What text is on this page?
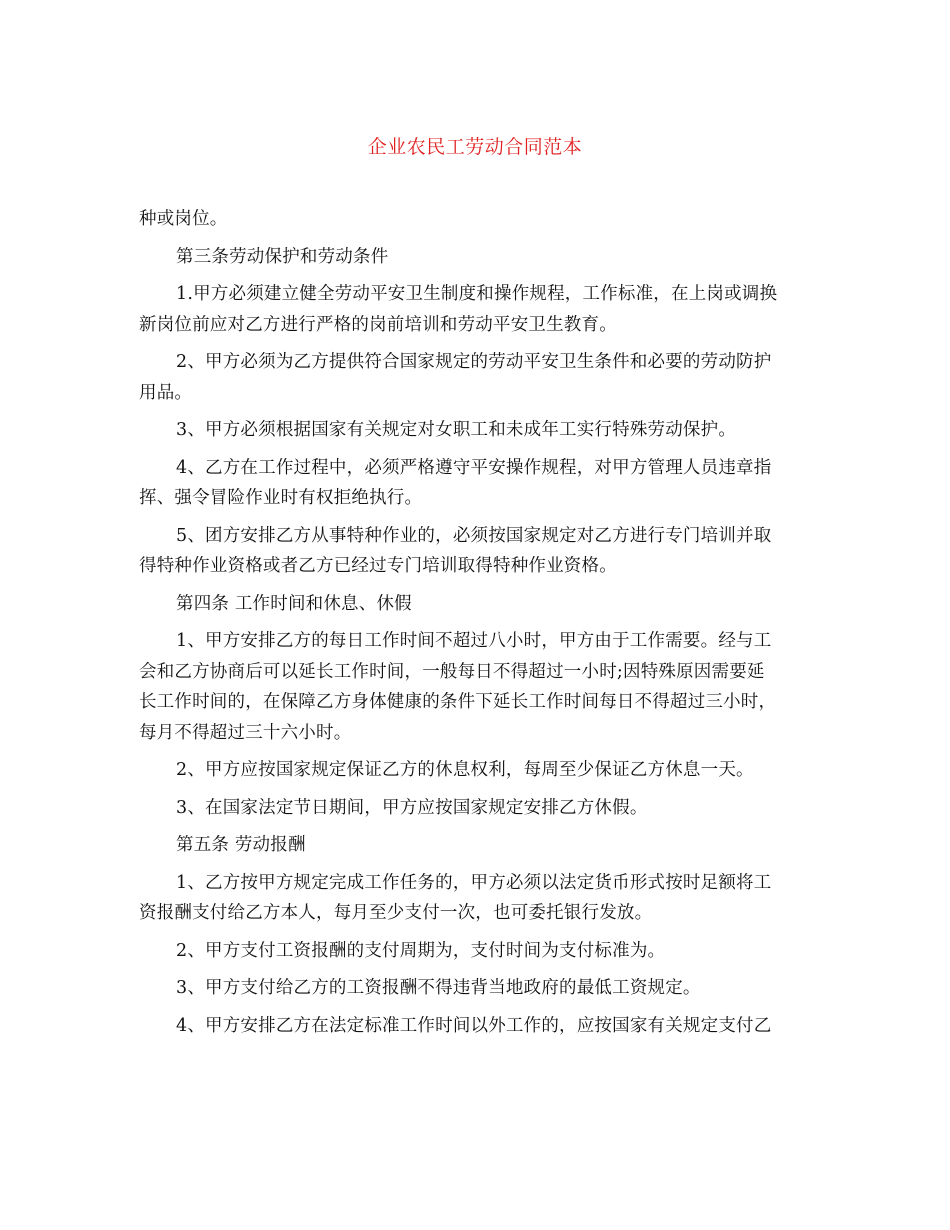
企业农民工劳动合同范本
种或岗位。
第三条劳动保护和劳动条件
1.甲方必须建立健全劳动平安卫生制度和操作规程，工作标准，在上岗或调换
新岗位前应对乙方进行严格的岗前培训和劳动平安卫生教育。
2、甲方必须为乙方提供符合国家规定的劳动平安卫生条件和必要的劳动防护
用品。
3、甲方必须根据国家有关规定对女职工和未成年工实行特殊劳动保护。
4、乙方在工作过程中，必须严格遵守平安操作规程，对甲方管理人员违章指
挥、强令冒险作业时有权拒绝执行。
5、团方安排乙方从事特种作业的，必须按国家规定对乙方进行专门培训并取
得特种作业资格或者乙方已经过专门培训取得特种作业资格。
第四条 工作时间和休息、休假
1、甲方安排乙方的每日工作时间不超过八小时，甲方由于工作需要。经与工
会和乙方协商后可以延长工作时间，一般每日不得超过一小时;因特殊原因需要延
长工作时间的，在保障乙方身体健康的条件下延长工作时间每日不得超过三小时，
每月不得超过三十六小时。
2、甲方应按国家规定保证乙方的休息权利，每周至少保证乙方休息一天。
3、在国家法定节日期间，甲方应按国家规定安排乙方休假。
第五条 劳动报酬
1、乙方按甲方规定完成工作任务的，甲方必须以法定货币形式按时足额将工
资报酬支付给乙方本人，每月至少支付一次，也可委托银行发放。
2、甲方支付工资报酬的支付周期为，支付时间为支付标准为。
3、甲方支付给乙方的工资报酬不得违背当地政府的最低工资规定。
4、甲方安排乙方在法定标准工作时间以外工作的，应按国家有关规定支付乙
